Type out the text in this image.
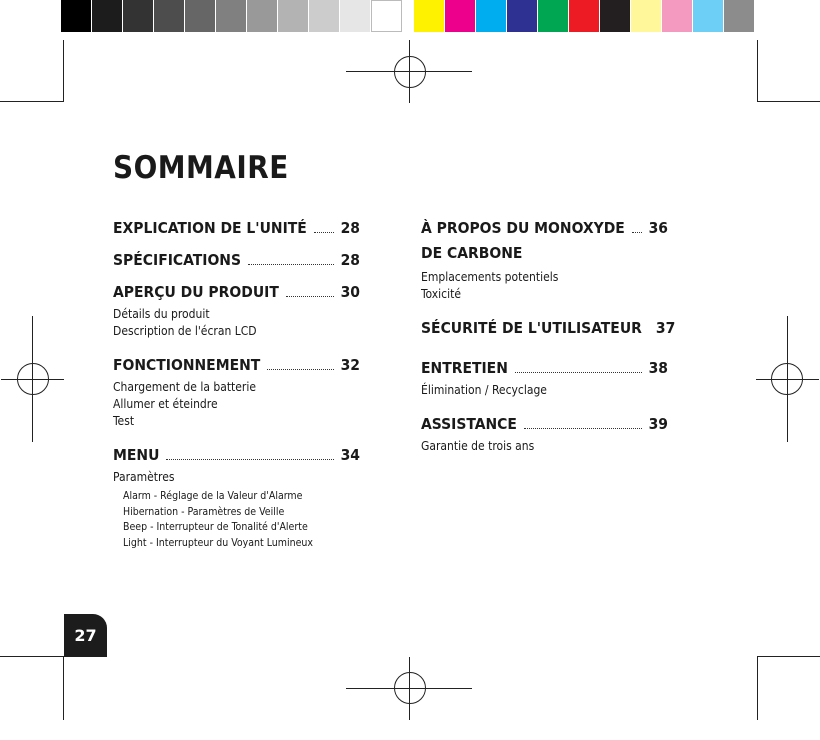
SOMMAIRE
EXPLICATION DE L'UNITÉ 28
SPÉCIFICATIONS	28
APERÇU DU PRODUIT	30
Détails du produit
Description de l'écran LCD
FONCTIONNEMENT	32
Chargement de la batterie
Allumer et éteindre
Test
MENU	34
Paramètres
Alarm - Réglage de la Valeur d'Alarme
Hibernation - Paramètres de Veille
Beep - Interrupteur de Tonalité d'Alerte
Light - Interrupteur du Voyant Lumineux
À PROPOS DU MONOXYDE 36
DE CARBONE
Emplacements potentiels
Toxicité
SÉCURITÉ DE L'UTILISATEUR 37
ENTRETIEN	38
Élimination / Recyclage
ASSISTANCE	39
Garantie de trois ans
27
